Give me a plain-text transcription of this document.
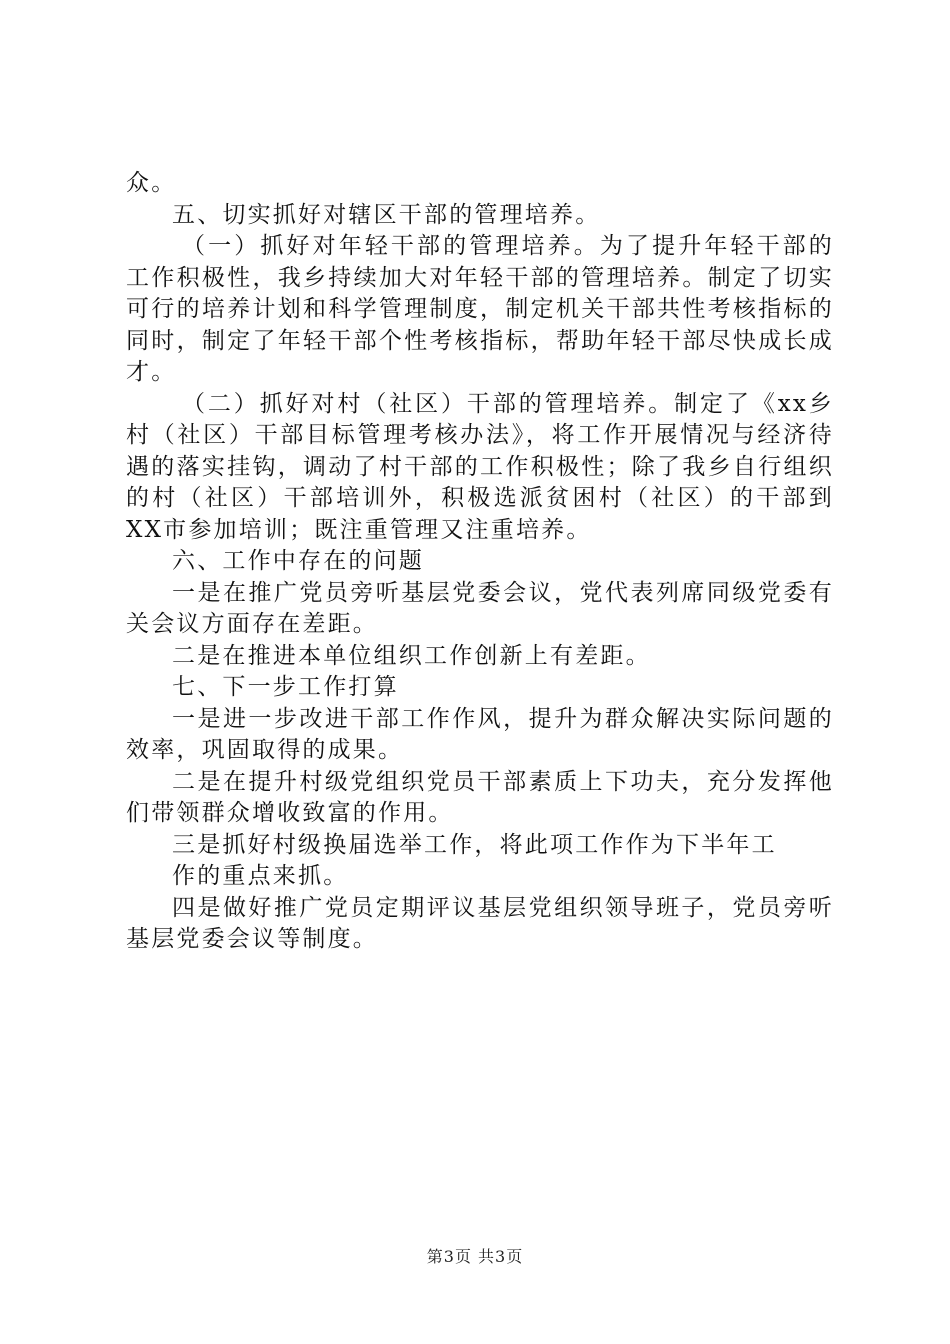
众。

五、切实抓好对辖区干部的管理培养。

（一）抓好对年轻干部的管理培养。为了提升年轻干部的工作积极性，我乡持续加大对年轻干部的管理培养。制定了切实可行的培养计划和科学管理制度，制定机关干部共性考核指标的同时，制定了年轻干部个性考核指标，帮助年轻干部尽快成长成才。

（二）抓好对村（社区）干部的管理培养。制定了《xx乡村（社区）干部目标管理考核办法》，将工作开展情况与经济待遇的落实挂钩，调动了村干部的工作积极性；除了我乡自行组织的村（社区）干部培训外，积极选派贫困村（社区）的干部到XX市参加培训；既注重管理又注重培养。

六、工作中存在的问题

一是在推广党员旁听基层党委会议，党代表列席同级党委有关会议方面存在差距。

二是在推进本单位组织工作创新上有差距。

七、下一步工作打算

一是进一步改进干部工作作风，提升为群众解决实际问题的效率，巩固取得的成果。

二是在提升村级党组织党员干部素质上下功夫，充分发挥他们带领群众增收致富的作用。

三是抓好村级换届选举工作，将此项工作作为下半年工

作的重点来抓。

四是做好推广党员定期评议基层党组织领导班子，党员旁听基层党委会议等制度。

第3页 共3页
